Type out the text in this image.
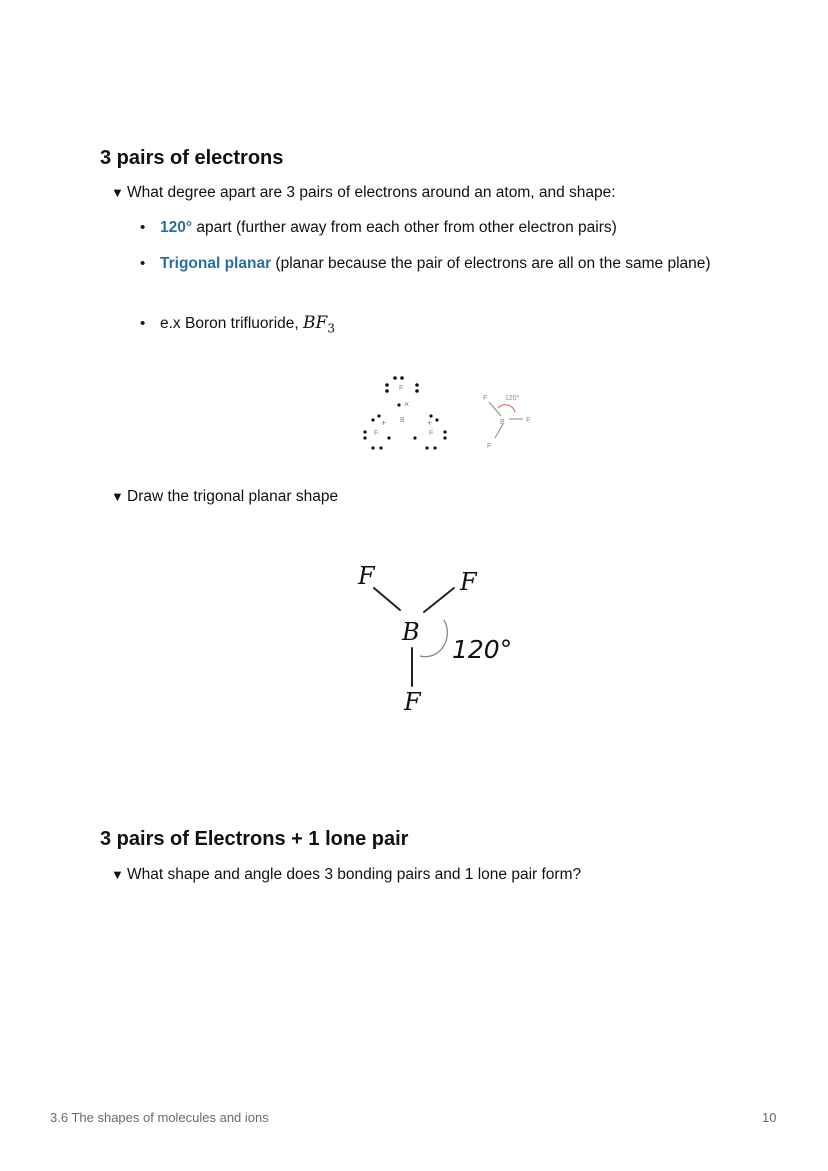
3 pairs of electrons
▼ What degree apart are 3 pairs of electrons around an atom, and shape:
• 120° apart (further away from each other from other electron pairs)
• Trigonal planar (planar because the pair of electrons are all on the same plane)
• e.x Boron trifluoride, $BF_3$
×
+	+
F
B
F	F
F	120°
B	F
F
▼ Draw the trigonal planar shape
F	F
B
F
120°
3 pairs of Electrons + 1 lone pair
▼ What shape and angle does 3 bonding pairs and 1 lone pair form?
3.6 The shapes of molecules and ions	10
